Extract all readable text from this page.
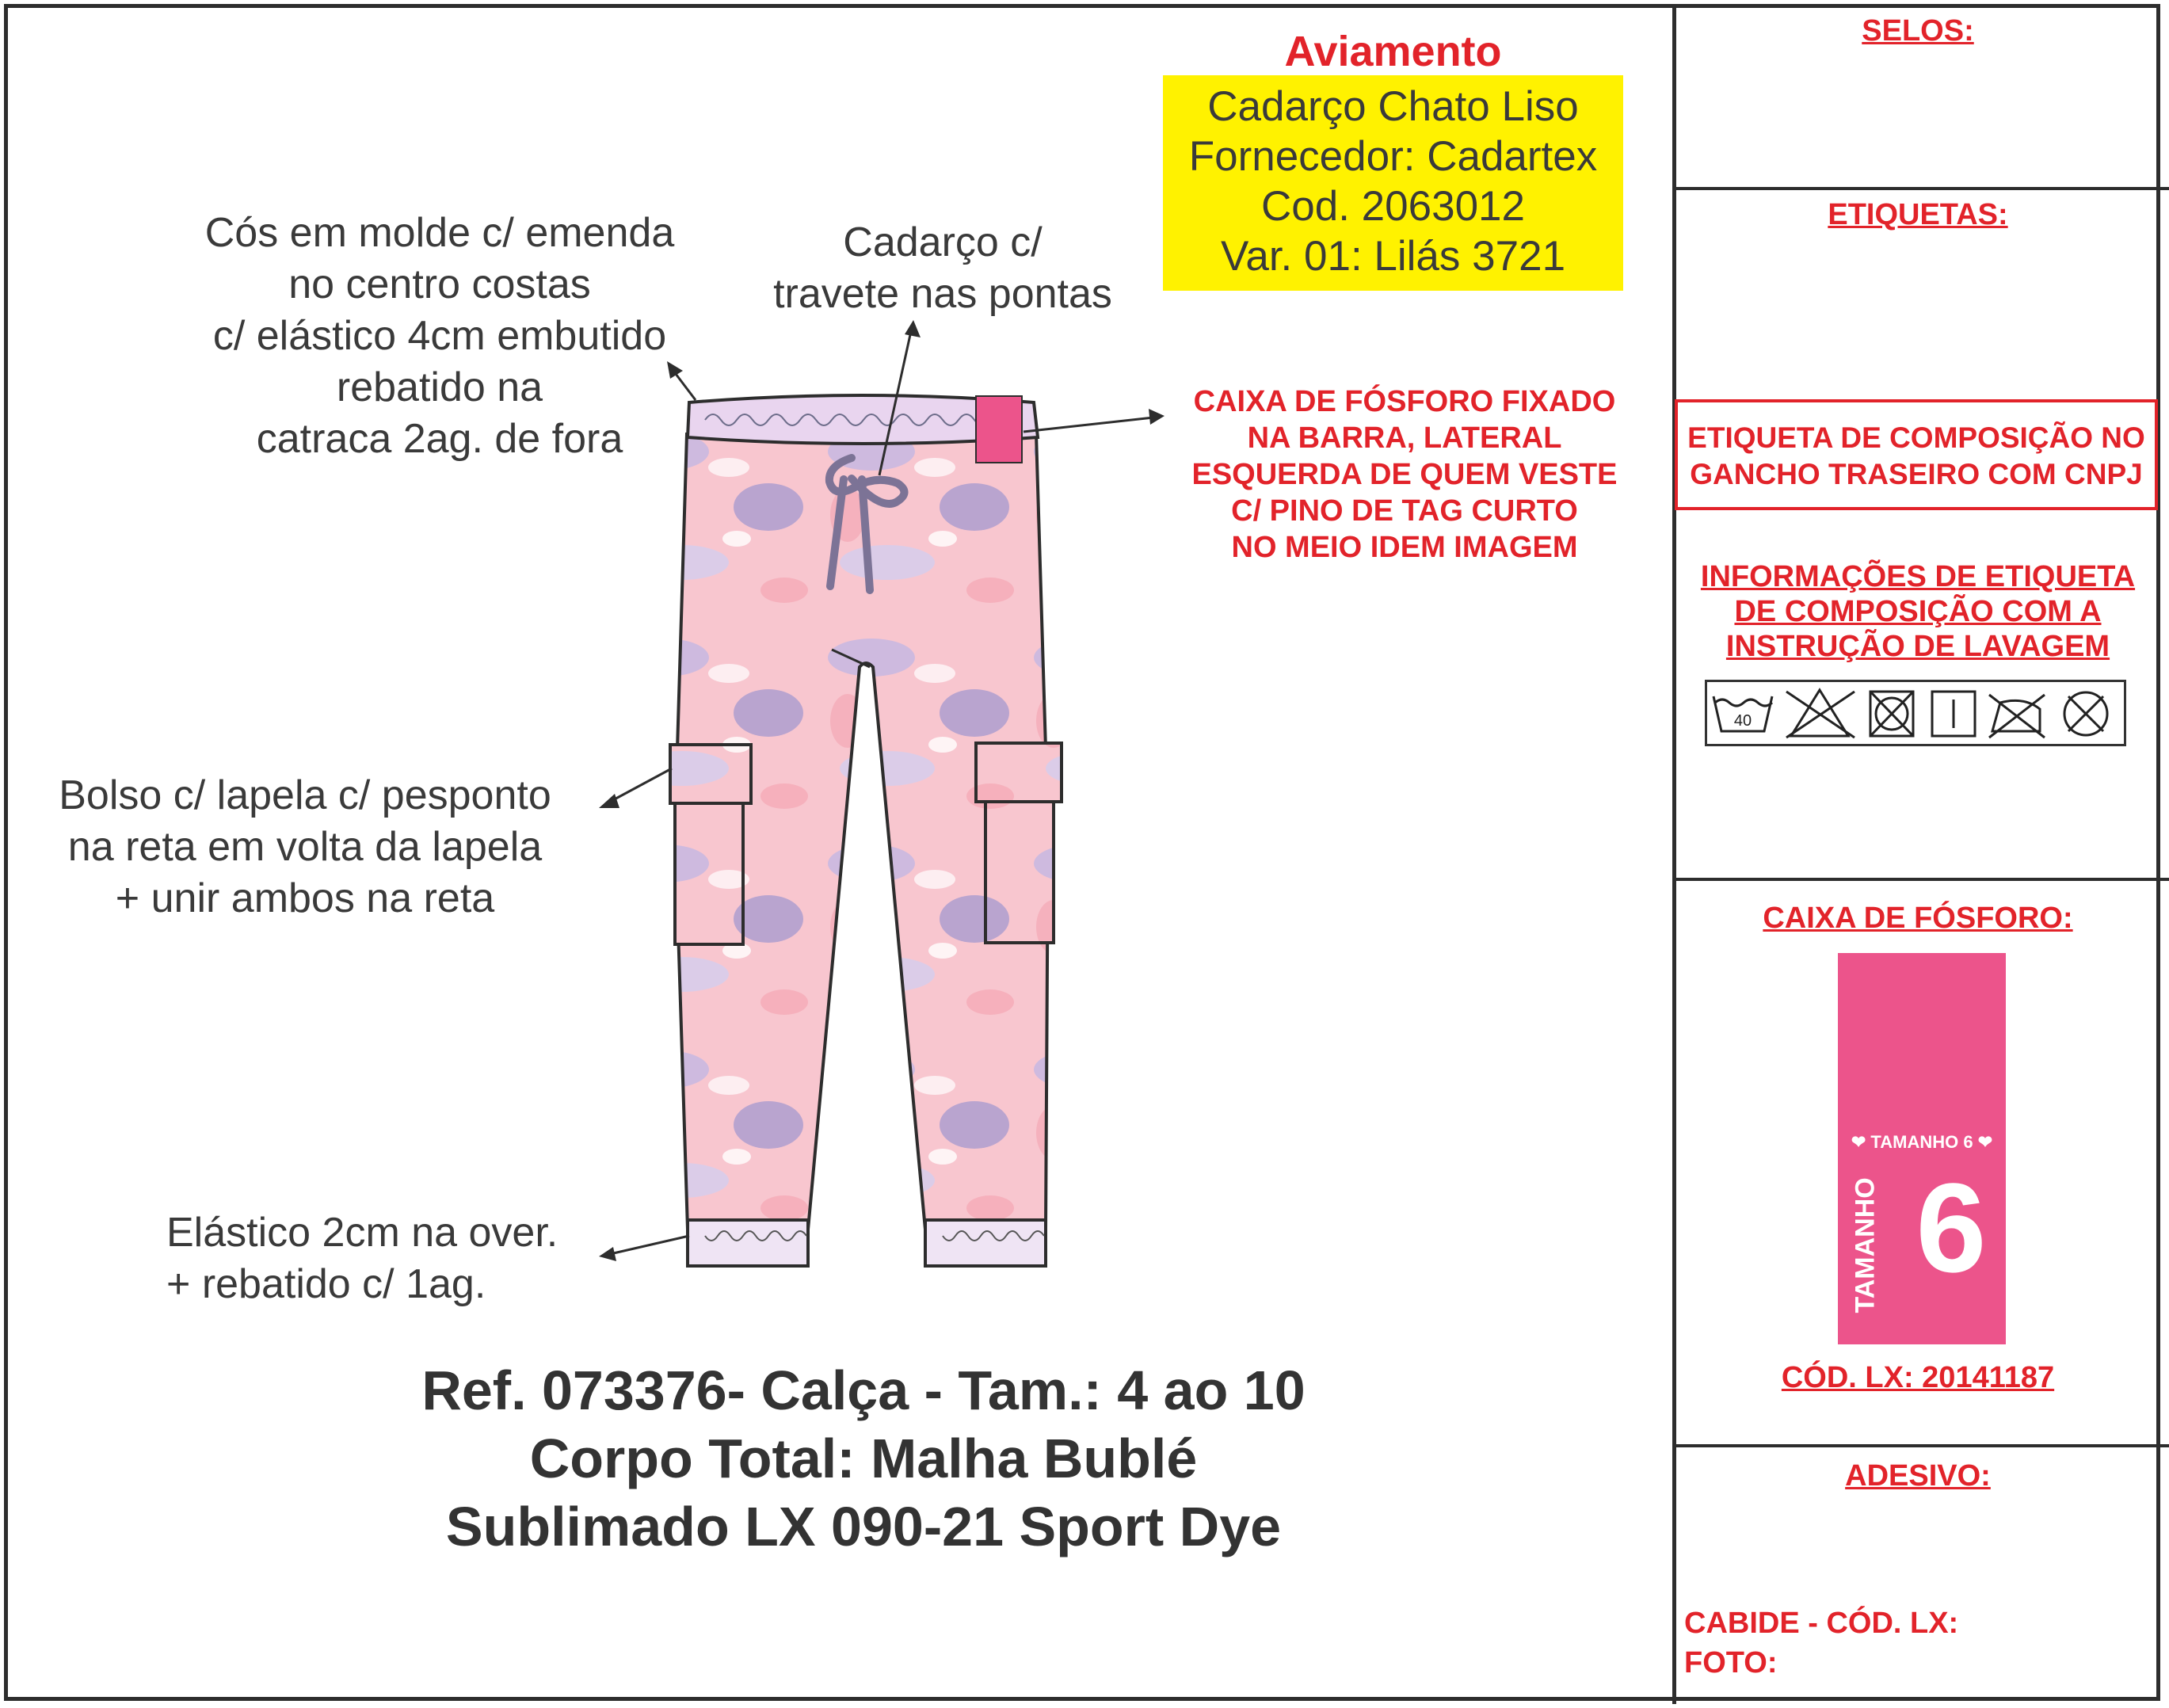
Aviamento
Cadarço Chato Liso
Fornecedor: Cadartex
Cod. 2063012
Var. 01: Lilás 3721
Cós em molde c/ emenda
no centro costas
c/ elástico 4cm embutido
rebatido na
catraca 2ag. de fora
Cadarço c/
travete nas pontas
CAIXA DE FÓSFORO FIXADO
NA BARRA, LATERAL
ESQUERDA DE QUEM VESTE
C/ PINO DE TAG CURTO
NO MEIO IDEM IMAGEM
Bolso c/ lapela c/ pesponto
na reta em volta da lapela
+ unir ambos na reta
Elástico 2cm na over.
+ rebatido c/ 1ag.
Ref. 073376- Calça - Tam.: 4 ao 10
Corpo Total: Malha Bublé
Sublimado LX 090-21 Sport Dye
SELOS:
ETIQUETAS:
ETIQUETA DE COMPOSIÇÃO NO
GANCHO TRASEIRO COM CNPJ
INFORMAÇÕES DE ETIQUETA
DE COMPOSIÇÃO COM A
INSTRUÇÃO DE LAVAGEM
40
CAIXA DE FÓSFORO:
❤ TAMANHO 6 ❤
TAMANHO 6
CÓD. LX: 20141187
ADESIVO:
CABIDE - CÓD. LX:
FOTO:
